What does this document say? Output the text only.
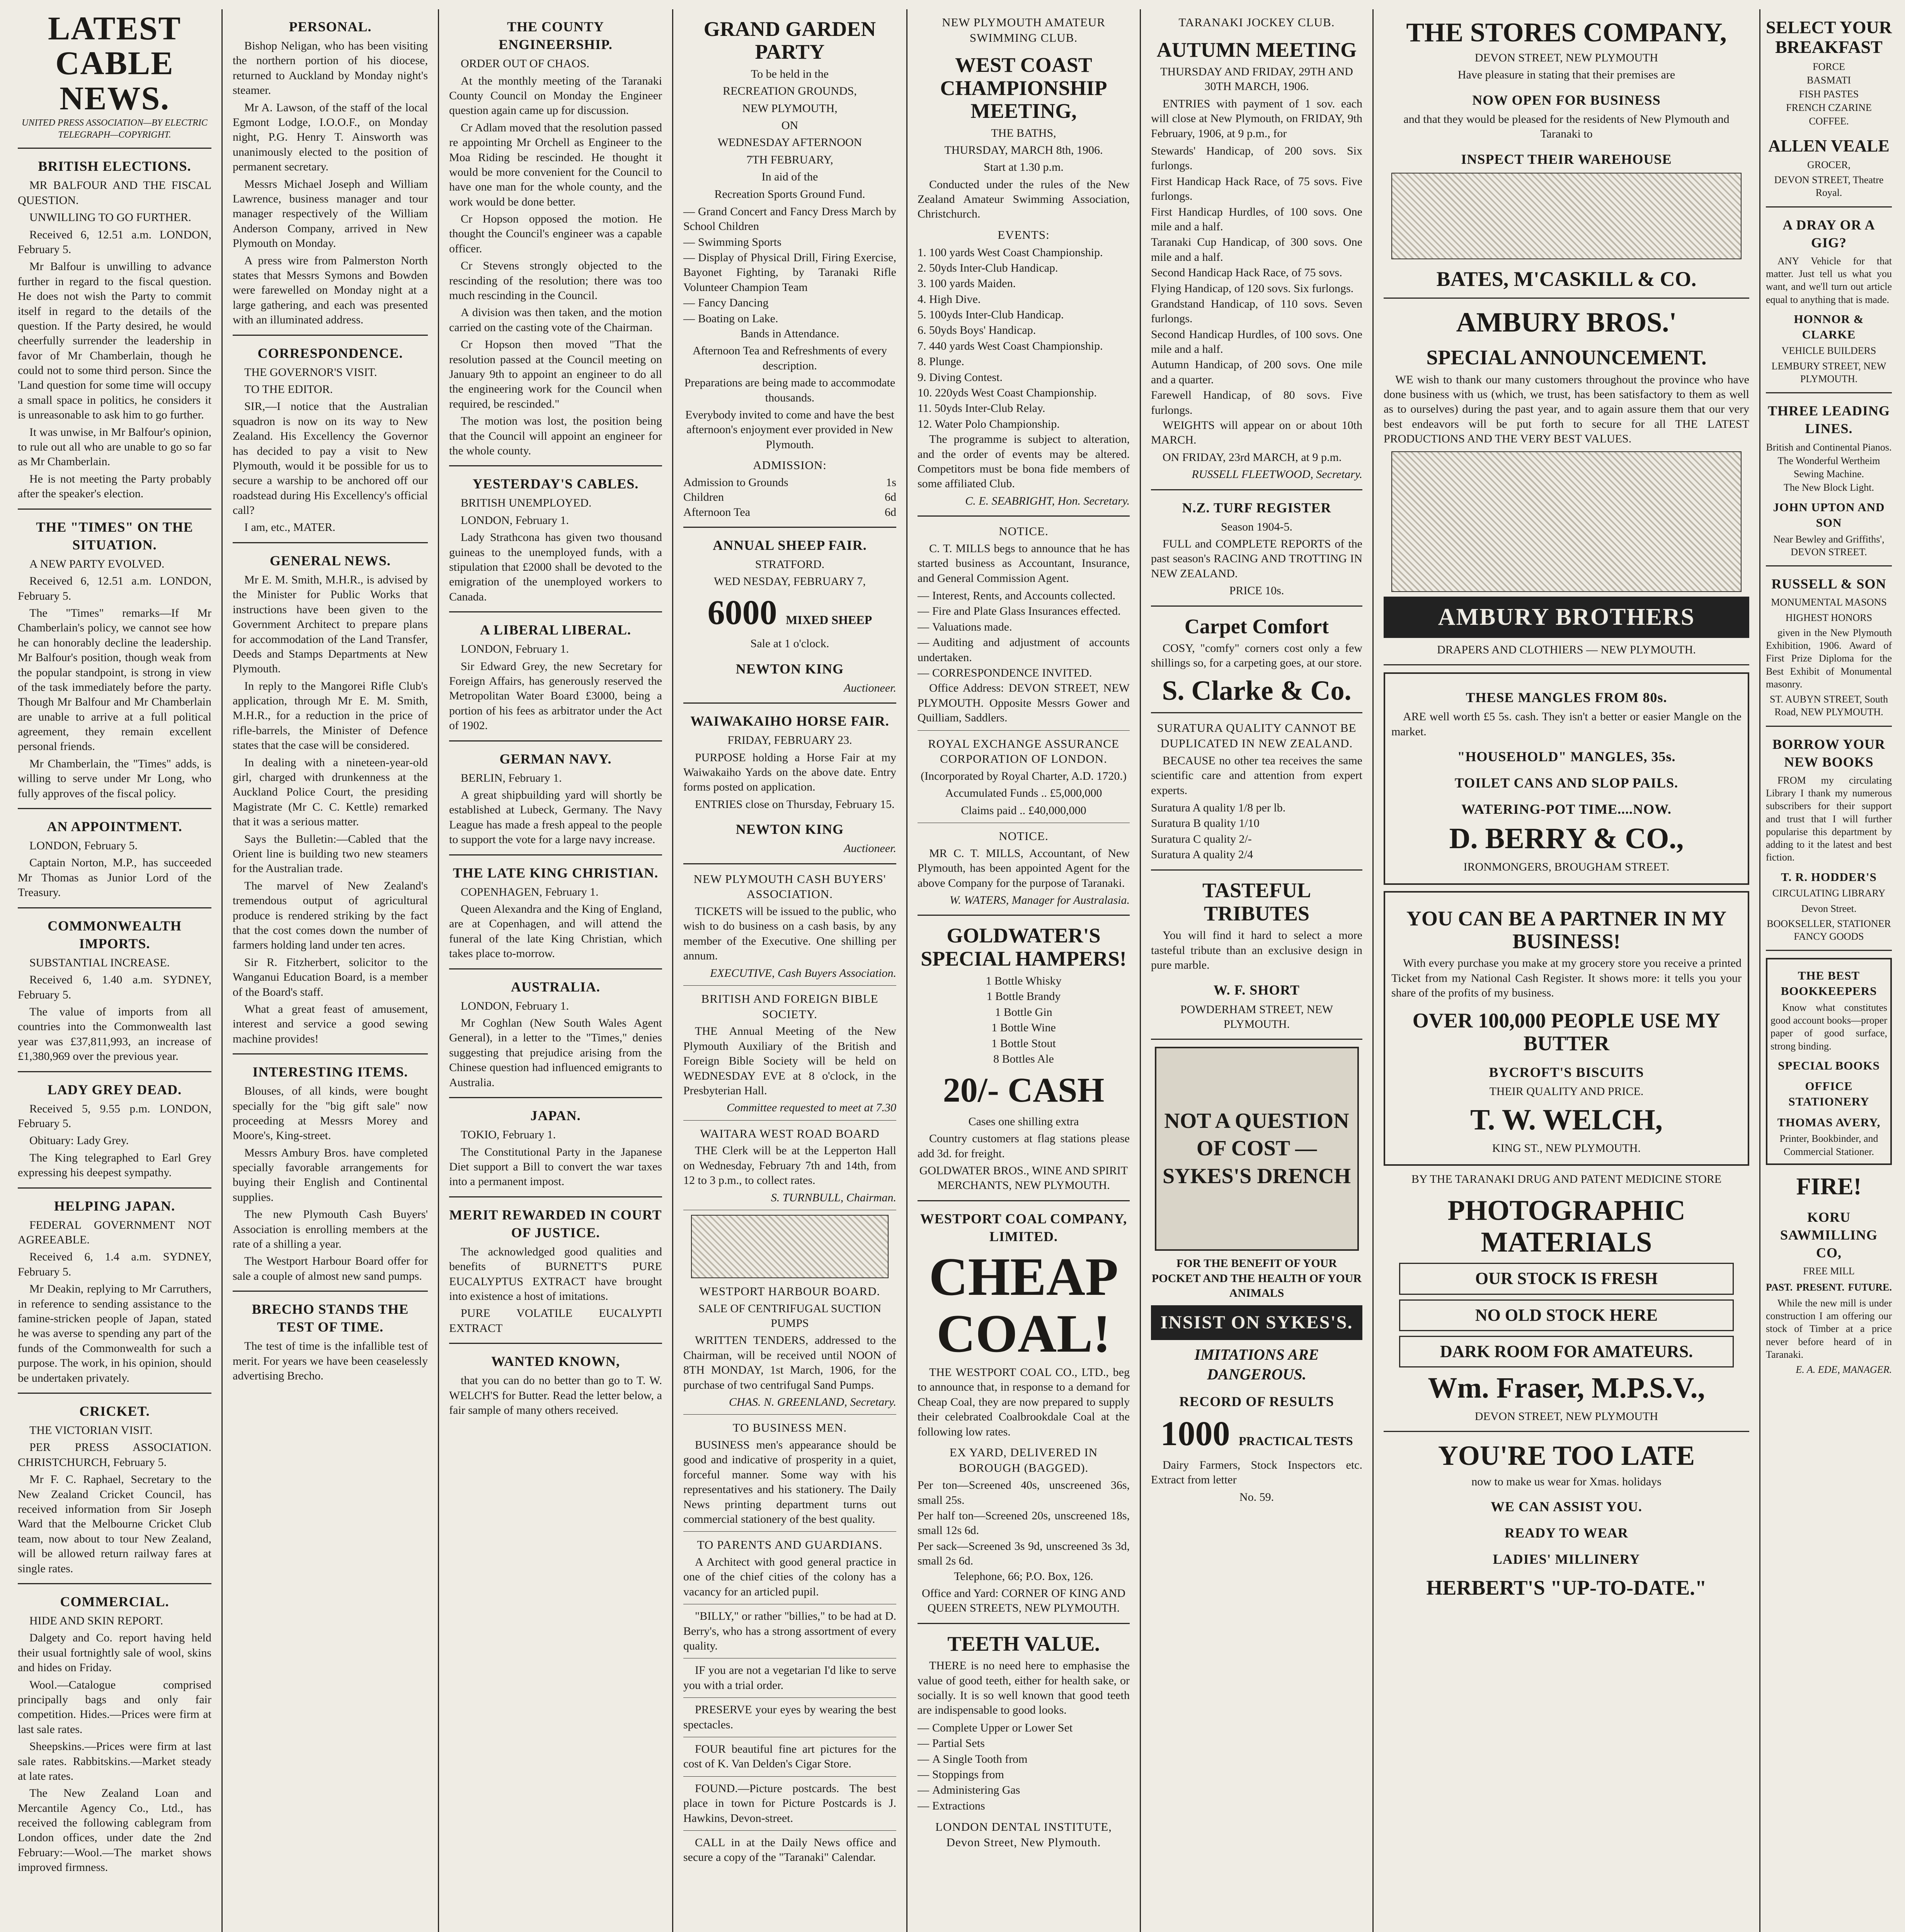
LATEST CABLE NEWS.
UNITED PRESS ASSOCIATION—BY ELECTRIC TELEGRAPH—COPYRIGHT.
BRITISH ELECTIONS.

MR BALFOUR AND THE FISCAL QUESTION.

UNWILLING TO GO FURTHER.

Received 6, 12.51 a.m. LONDON, February 5.

Mr Balfour is unwilling to advance further in regard to the fiscal question. He does not wish the Party to commit itself in regard to the details of the question. If the Party desired, he would cheerfully surrender the leadership in favor of Mr Chamberlain, though he could not to some third person. Since the 'Land question for some time will occupy a small space in politics, he considers it is unreasonable to ask him to go further.

It was unwise, in Mr Balfour's opinion, to rule out all who are unable to go so far as Mr Chamberlain.

He is not meeting the Party probably after the speaker's election.

THE "TIMES" ON THE SITUATION.

A NEW PARTY EVOLVED.

Received 6, 12.51 a.m. LONDON, February 5.

The "Times" remarks—If Mr Chamberlain's policy, we cannot see how he can honorably decline the leadership. Mr Balfour's position, though weak from the popular standpoint, is strong in view of the task immediately before the party. Though Mr Balfour and Mr Chamberlain are unable to arrive at a full political agreement, they remain excellent personal friends.

Mr Chamberlain, the "Times" adds, is willing to serve under Mr Long, who fully approves of the fiscal policy.

AN APPOINTMENT.

LONDON, February 5.

Captain Norton, M.P., has succeeded Mr Thomas as Junior Lord of the Treasury.

COMMONWEALTH IMPORTS.

SUBSTANTIAL INCREASE.

Received 6, 1.40 a.m. SYDNEY, February 5.

The value of imports from all countries into the Commonwealth last year was £37,811,993, an increase of £1,380,969 over the previous year.

LADY GREY DEAD.

Received 5, 9.55 p.m. LONDON, February 5.

Obituary: Lady Grey.

The King telegraphed to Earl Grey expressing his deepest sympathy.

HELPING JAPAN.

FEDERAL GOVERNMENT NOT AGREEABLE.

Received 6, 1.4 a.m. SYDNEY, February 5.

Mr Deakin, replying to Mr Carruthers, in reference to sending assistance to the famine-stricken people of Japan, stated he was averse to spending any part of the funds of the Commonwealth for such a purpose. The work, in his opinion, should be undertaken privately.

CRICKET.

THE VICTORIAN VISIT.

PER PRESS ASSOCIATION. CHRISTCHURCH, February 5.

Mr F. C. Raphael, Secretary to the New Zealand Cricket Council, has received information from Sir Joseph Ward that the Melbourne Cricket Club team, now about to tour New Zealand, will be allowed return railway fares at single rates.

COMMERCIAL.

HIDE AND SKIN REPORT.

Dalgety and Co. report having held their usual fortnightly sale of wool, skins and hides on Friday.

Wool.—Catalogue comprised principally bags and only fair competition. Hides.—Prices were firm at last sale rates.

Sheepskins.—Prices were firm at last sale rates. Rabbitskins.—Market steady at late rates.

The New Zealand Loan and Mercantile Agency Co., Ltd., has received the following cablegram from London offices, under date the 2nd February:—Wool.—The market shows improved firmness.

PERSONAL.

Bishop Neligan, who has been visiting the northern portion of his diocese, returned to Auckland by Monday night's steamer.

Mr A. Lawson, of the staff of the local Egmont Lodge, I.O.O.F., on Monday night, P.G. Henry T. Ainsworth was unanimously elected to the position of permanent secretary.

Messrs Michael Joseph and William Lawrence, business manager and tour manager respectively of the William Anderson Company, arrived in New Plymouth on Monday.

A press wire from Palmerston North states that Messrs Symons and Bowden were farewelled on Monday night at a large gathering, and each was presented with an illuminated address.

CORRESPONDENCE.

THE GOVERNOR'S VISIT.

TO THE EDITOR.

SIR,—I notice that the Australian squadron is now on its way to New Zealand. His Excellency the Governor has decided to pay a visit to New Plymouth, would it be possible for us to secure a warship to be anchored off our roadstead during His Excellency's official call?

I am, etc., MATER.

GENERAL NEWS.

Mr E. M. Smith, M.H.R., is advised by the Minister for Public Works that instructions have been given to the Government Architect to prepare plans for accommodation of the Land Transfer, Deeds and Stamps Departments at New Plymouth.

In reply to the Mangorei Rifle Club's application, through Mr E. M. Smith, M.H.R., for a reduction in the price of rifle-barrels, the Minister of Defence states that the case will be considered.

In dealing with a nineteen-year-old girl, charged with drunkenness at the Auckland Police Court, the presiding Magistrate (Mr C. C. Kettle) remarked that it was a serious matter.

Says the Bulletin:—Cabled that the Orient line is building two new steamers for the Australian trade.

The marvel of New Zealand's tremendous output of agricultural produce is rendered striking by the fact that the cost comes down the number of farmers holding land under ten acres.

Sir R. Fitzherbert, solicitor to the Wanganui Education Board, is a member of the Board's staff.

What a great feast of amusement, interest and service a good sewing machine provides!

INTERESTING ITEMS.

Blouses, of all kinds, were bought specially for the "big gift sale" now proceeding at Messrs Morey and Moore's, King-street.

Messrs Ambury Bros. have completed specially favorable arrangements for buying their English and Continental supplies.

The new Plymouth Cash Buyers' Association is enrolling members at the rate of a shilling a year.

The Westport Harbour Board offer for sale a couple of almost new sand pumps.

BRECHO STANDS THE TEST OF TIME.

The test of time is the infallible test of merit. For years we have been ceaselessly advertising Brecho.

THE COUNTY ENGINEERSHIP.

ORDER OUT OF CHAOS.

At the monthly meeting of the Taranaki County Council on Monday the Engineer question again came up for discussion.

Cr Adlam moved that the resolution passed re appointing Mr Orchell as Engineer to the Moa Riding be rescinded. He thought it would be more convenient for the Council to have one man for the whole county, and the work would be done better.

Cr Hopson opposed the motion. He thought the Council's engineer was a capable officer.

Cr Stevens strongly objected to the rescinding of the resolution; there was too much rescinding in the Council.

A division was then taken, and the motion carried on the casting vote of the Chairman.

Cr Hopson then moved "That the resolution passed at the Council meeting on January 9th to appoint an engineer to do all the engineering work for the Council when required, be rescinded."

The motion was lost, the position being that the Council will appoint an engineer for the whole county.

YESTERDAY'S CABLES.

BRITISH UNEMPLOYED.

LONDON, February 1.

Lady Strathcona has given two thousand guineas to the unemployed funds, with a stipulation that £2000 shall be devoted to the emigration of the unemployed workers to Canada.

A LIBERAL LIBERAL.

LONDON, February 1.

Sir Edward Grey, the new Secretary for Foreign Affairs, has generously reserved the Metropolitan Water Board £3000, being a portion of his fees as arbitrator under the Act of 1902.

GERMAN NAVY.

BERLIN, February 1.

A great shipbuilding yard will shortly be established at Lubeck, Germany. The Navy League has made a fresh appeal to the people to support the vote for a large navy increase.

THE LATE KING CHRISTIAN.

COPENHAGEN, February 1.

Queen Alexandra and the King of England, are at Copenhagen, and will attend the funeral of the late King Christian, which takes place to-morrow.

AUSTRALIA.

LONDON, February 1.

Mr Coghlan (New South Wales Agent General), in a letter to the "Times," denies suggesting that prejudice arising from the Chinese question had influenced emigrants to Australia.

JAPAN.

TOKIO, February 1.

The Constitutional Party in the Japanese Diet support a Bill to convert the war taxes into a permanent impost.

MERIT REWARDED IN COURT OF JUSTICE.

The acknowledged good qualities and benefits of BURNETT'S PURE EUCALYPTUS EXTRACT have brought into existence a host of imitations.

PURE VOLATILE EUCALYPTI EXTRACT

WANTED KNOWN,

that you can do no better than go to T. W. WELCH'S for Butter. Read the letter below, a fair sample of many others received.

GRAND GARDEN PARTY

To be held in the

RECREATION GROUNDS,

NEW PLYMOUTH,

ON

WEDNESDAY AFTERNOON

7TH FEBRUARY,

In aid of the

Recreation Sports Ground Fund.

— Grand Concert and Fancy Dress March by School Children
— Swimming Sports
— Display of Physical Drill, Firing Exercise, Bayonet Fighting, by Taranaki Rifle Volunteer Champion Team
— Fancy Dancing
— Boating on Lake.

Bands in Attendance.

Afternoon Tea and Refreshments of every description.

Preparations are being made to accommodate thousands.

Everybody invited to come and have the best afternoon's enjoyment ever provided in New Plymouth.

ADMISSION:
Admission to Grounds	1s
Children	6d
Afternoon Tea	6d
ANNUAL SHEEP FAIR.

STRATFORD.

WED NESDAY, FEBRUARY 7,

6000 MIXED SHEEP

Sale at 1 o'clock.

NEWTON KING

Auctioneer.

WAIWAKAIHO HORSE FAIR.

FRIDAY, FEBRUARY 23.

PURPOSE holding a Horse Fair at my Waiwakaiho Yards on the above date. Entry forms posted on application.

ENTRIES close on Thursday, February 15.

NEWTON KING

Auctioneer.

NEW PLYMOUTH CASH BUYERS' ASSOCIATION.

TICKETS will be issued to the public, who wish to do business on a cash basis, by any member of the Executive. One shilling per annum.

EXECUTIVE, Cash Buyers Association.

BRITISH AND FOREIGN BIBLE SOCIETY.

THE Annual Meeting of the New Plymouth Auxiliary of the British and Foreign Bible Society will be held on WEDNESDAY EVE at 8 o'clock, in the Presbyterian Hall.

Committee requested to meet at 7.30

WAITARA WEST ROAD BOARD

THE Clerk will be at the Lepperton Hall on Wednesday, February 7th and 14th, from 12 to 3 p.m., to collect rates.

S. TURNBULL, Chairman.

WESTPORT HARBOUR BOARD.

SALE OF CENTRIFUGAL SUCTION PUMPS

WRITTEN TENDERS, addressed to the Chairman, will be received until NOON of 8TH MONDAY, 1st March, 1906, for the purchase of two centrifugal Sand Pumps.

CHAS. N. GREENLAND, Secretary.

TO BUSINESS MEN.

BUSINESS men's appearance should be good and indicative of prosperity in a quiet, forceful manner. Some way with his representatives and his stationery. The Daily News printing department turns out commercial stationery of the best quality.

TO PARENTS AND GUARDIANS.

A Architect with good general practice in one of the chief cities of the colony has a vacancy for an articled pupil.

"BILLY," or rather "billies," to be had at D. Berry's, who has a strong assortment of every quality.

IF you are not a vegetarian I'd like to serve you with a trial order.

PRESERVE your eyes by wearing the best spectacles.

FOUR beautiful fine art pictures for the cost of K. Van Delden's Cigar Store.

FOUND.—Picture postcards. The best place in town for Picture Postcards is J. Hawkins, Devon-street.

CALL in at the Daily News office and secure a copy of the "Taranaki" Calendar.

NEW PLYMOUTH AMATEUR SWIMMING CLUB.
WEST COAST CHAMPIONSHIP MEETING,

THE BATHS,

THURSDAY, MARCH 8th, 1906.

Start at 1.30 p.m.

Conducted under the rules of the New Zealand Amateur Swimming Association, Christchurch.

EVENTS:
1. 100 yards West Coast Championship.
2. 50yds Inter-Club Handicap.
3. 100 yards Maiden.
4. High Dive.
5. 100yds Inter-Club Handicap.
6. 50yds Boys' Handicap.
7. 440 yards West Coast Championship.
8. Plunge.
9. Diving Contest.
10. 220yds West Coast Championship.
11. 50yds Inter-Club Relay.
12. Water Polo Championship.

The programme is subject to alteration, and the order of events may be altered. Competitors must be bona fide members of some affiliated Club.

C. E. SEABRIGHT, Hon. Secretary.

NOTICE.

C. T. MILLS begs to announce that he has started business as Accountant, Insurance, and General Commission Agent.

— Interest, Rents, and Accounts collected.
— Fire and Plate Glass Insurances effected.
— Valuations made.
— Auditing and adjustment of accounts undertaken.
— CORRESPONDENCE INVITED.

Office Address: DEVON STREET, NEW PLYMOUTH. Opposite Messrs Gower and Quilliam, Saddlers.

ROYAL EXCHANGE ASSURANCE CORPORATION OF LONDON.

(Incorporated by Royal Charter, A.D. 1720.)

Accumulated Funds .. £5,000,000

Claims paid .. £40,000,000

NOTICE.

MR C. T. MILLS, Accountant, of New Plymouth, has been appointed Agent for the above Company for the purpose of Taranaki.

W. WATERS, Manager for Australasia.

GOLDWATER'S SPECIAL HAMPERS!
1 Bottle Whisky
1 Bottle Brandy
1 Bottle Gin
1 Bottle Wine
1 Bottle Stout
8 Bottles Ale
20/- CASH

Cases one shilling extra

Country customers at flag stations please add 3d. for freight.

GOLDWATER BROS., WINE AND SPIRIT MERCHANTS, NEW PLYMOUTH.

WESTPORT COAL COMPANY, LIMITED.
CHEAP COAL!

THE WESTPORT COAL CO., LTD., beg to announce that, in response to a demand for Cheap Coal, they are now prepared to supply their celebrated Coalbrookdale Coal at the following low rates.

EX YARD, DELIVERED IN BOROUGH (BAGGED).
Per ton—Screened 40s, unscreened 36s, small 25s.
Per half ton—Screened 20s, unscreened 18s, small 12s 6d.
Per sack—Screened 3s 9d, unscreened 3s 3d, small 2s 6d.

Telephone, 66; P.O. Box, 126.

Office and Yard: CORNER OF KING AND QUEEN STREETS, NEW PLYMOUTH.

TEETH VALUE.

THERE is no need here to emphasise the value of good teeth, either for health sake, or socially. It is so well known that good teeth are indispensable to good looks.

— Complete Upper or Lower Set
— Partial Sets
— A Single Tooth from
— Stoppings from
— Administering Gas
— Extractions
LONDON DENTAL INSTITUTE, Devon Street, New Plymouth.
TARANAKI JOCKEY CLUB.
AUTUMN MEETING

THURSDAY AND FRIDAY, 29TH AND 30TH MARCH, 1906.

ENTRIES with payment of 1 sov. each will close at New Plymouth, on FRIDAY, 9th February, 1906, at 9 p.m., for

Stewards' Handicap, of 200 sovs. Six furlongs.
First Handicap Hack Race, of 75 sovs. Five furlongs.
First Handicap Hurdles, of 100 sovs. One mile and a half.
Taranaki Cup Handicap, of 300 sovs. One mile and a half.
Second Handicap Hack Race, of 75 sovs.
Flying Handicap, of 120 sovs. Six furlongs.
Grandstand Handicap, of 110 sovs. Seven furlongs.
Second Handicap Hurdles, of 100 sovs. One mile and a half.
Autumn Handicap, of 200 sovs. One mile and a quarter.
Farewell Handicap, of 80 sovs. Five furlongs.

WEIGHTS will appear on or about 10th MARCH.

ON FRIDAY, 23rd MARCH, at 9 p.m.

RUSSELL FLEETWOOD, Secretary.

N.Z. TURF REGISTER

Season 1904-5.

FULL and COMPLETE REPORTS of the past season's RACING AND TROTTING IN NEW ZEALAND.

PRICE 10s.

Carpet Comfort

COSY, "comfy" corners cost only a few shillings so, for a carpeting goes, at our store.

S. Clarke & Co.
SURATURA QUALITY CANNOT BE DUPLICATED IN NEW ZEALAND.

BECAUSE no other tea receives the same scientific care and attention from expert experts.

Suratura A quality 1/8 per lb.
Suratura B quality 1/10
Suratura C quality 2/-
Suratura A quality 2/4
TASTEFUL TRIBUTES

You will find it hard to select a more tasteful tribute than an exclusive design in pure marble.

W. F. SHORT

POWDERHAM STREET, NEW PLYMOUTH.

NOT A QUESTION OF COST — SYKES'S DRENCH

FOR THE BENEFIT OF YOUR POCKET AND THE HEALTH OF YOUR ANIMALS

INSIST ON SYKES'S.

IMITATIONS ARE DANGEROUS.

RECORD OF RESULTS
1000 PRACTICAL TESTS

Dairy Farmers, Stock Inspectors etc. Extract from letter

No. 59.

THE STORES COMPANY,

DEVON STREET, NEW PLYMOUTH

Have pleasure in stating that their premises are

NOW OPEN FOR BUSINESS

and that they would be pleased for the residents of New Plymouth and Taranaki to

INSPECT THEIR WAREHOUSE
BATES, M'CASKILL & CO.
AMBURY BROS.'
SPECIAL ANNOUNCEMENT.

WE wish to thank our many customers throughout the province who have done business with us (which, we trust, has been satisfactory to them as well as to ourselves) during the past year, and to again assure them that our very best endeavors will be put forth to secure for all THE LATEST PRODUCTIONS AND THE VERY BEST VALUES.

AMBURY BROTHERS

DRAPERS AND CLOTHIERS — NEW PLYMOUTH.

THESE MANGLES FROM 80s.

ARE well worth £5 5s. cash. They isn't a better or easier Mangle on the market.

"HOUSEHOLD" MANGLES, 35s.
TOILET CANS AND SLOP PAILS.
WATERING-POT TIME....NOW.
D. BERRY & CO.,

IRONMONGERS, BROUGHAM STREET.

YOU CAN BE A PARTNER IN MY BUSINESS!

With every purchase you make at my grocery store you receive a printed Ticket from my National Cash Register. It shows more: it tells you your share of the profits of my business.

OVER 100,000 PEOPLE USE MY BUTTER
BYCROFT'S BISCUITS

THEIR QUALITY AND PRICE.

T. W. WELCH,

KING ST., NEW PLYMOUTH.

BY THE TARANAKI DRUG AND PATENT MEDICINE STORE

PHOTOGRAPHIC MATERIALS
OUR STOCK IS FRESH
NO OLD STOCK HERE
DARK ROOM FOR AMATEURS.
Wm. Fraser, M.P.S.V.,

DEVON STREET, NEW PLYMOUTH

YOU'RE TOO LATE

now to make us wear for Xmas. holidays

WE CAN ASSIST YOU.
READY TO WEAR
LADIES' MILLINERY
HERBERT'S "UP-TO-DATE."
SELECT YOUR BREAKFAST
FORCE
BASMATI
FISH PASTES
FRENCH CZARINE
COFFEE.
ALLEN VEALE

GROCER,

DEVON STREET, Theatre Royal.

A DRAY OR A GIG?

ANY Vehicle for that matter. Just tell us what you want, and we'll turn out article equal to anything that is made.

HONNOR & CLARKE

VEHICLE BUILDERS

LEMBURY STREET, NEW PLYMOUTH.

THREE LEADING LINES.
British and Continental Pianos.
The Wonderful Wertheim Sewing Machine.
The New Block Light.
JOHN UPTON AND SON

Near Bewley and Griffiths', DEVON STREET.

RUSSELL & SON

MONUMENTAL MASONS

HIGHEST HONORS

given in the New Plymouth Exhibition, 1906. Award of First Prize Diploma for the Best Exhibit of Monumental masonry.

ST. AUBYN STREET, South Road, NEW PLYMOUTH.

BORROW YOUR NEW BOOKS

FROM my circulating Library I thank my numerous subscribers for their support and trust that I will further popularise this department by adding to it the latest and best fiction.

T. R. HODDER'S

CIRCULATING LIBRARY

Devon Street.

BOOKSELLER, STATIONER FANCY GOODS

THE BEST BOOKKEEPERS

Know what constitutes good account books—proper paper of good surface, strong binding.

SPECIAL BOOKS
OFFICE STATIONERY
THOMAS AVERY,

Printer, Bookbinder, and Commercial Stationer.

FIRE!
KORU SAWMILLING CO,

FREE MILL

PAST. PRESENT. FUTURE.

While the new mill is under construction I am offering our stock of Timber at a price never before heard of in Taranaki.

E. A. EDE, MANAGER.
